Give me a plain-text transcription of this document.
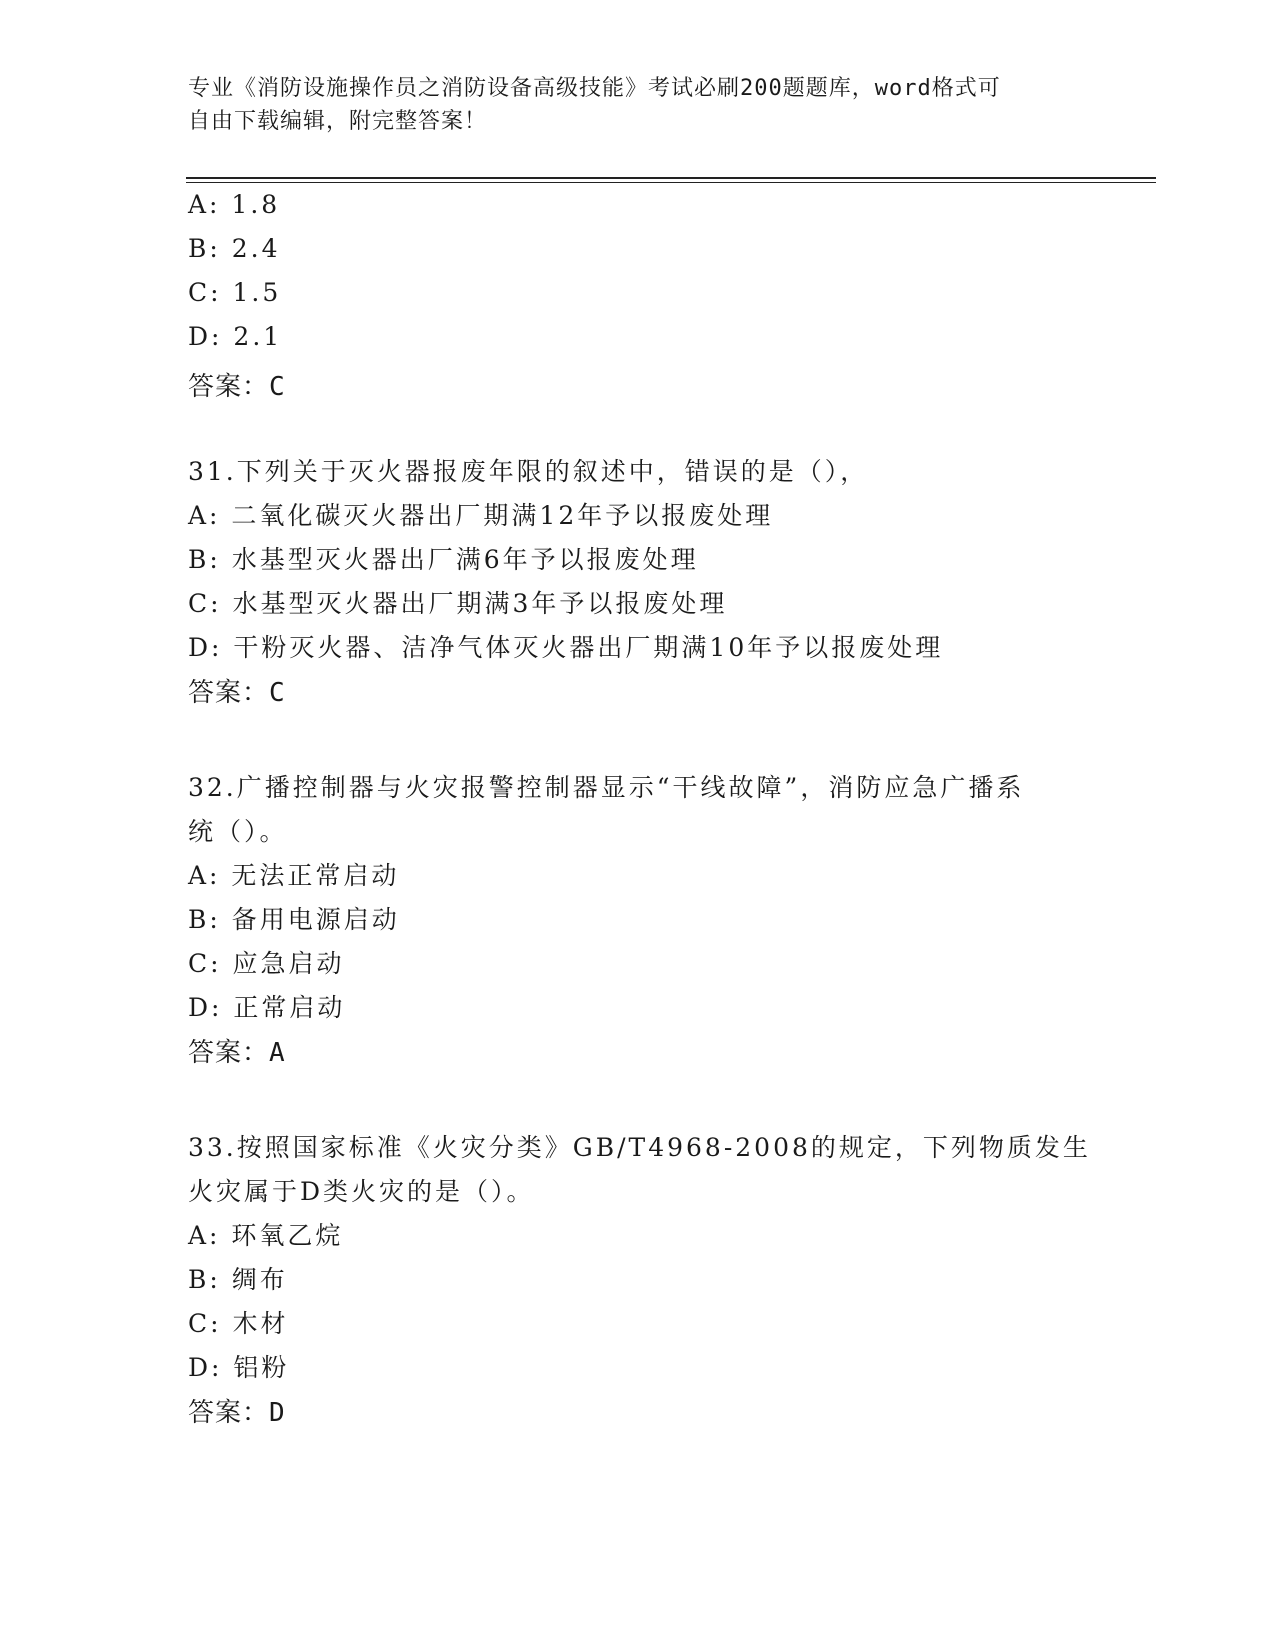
专业《消防设施操作员之消防设备高级技能》考试必刷200题题库，word格式可
自由下载编辑，附完整答案！
A: 1.8
B: 2.4
C: 1.5
D: 2.1
答案：C
31.下列关于灭火器报废年限的叙述中，错误的是（），
A: 二氧化碳灭火器出厂期满12年予以报废处理
B: 水基型灭火器出厂满6年予以报废处理
C: 水基型灭火器出厂期满3年予以报废处理
D: 干粉灭火器、洁净气体灭火器出厂期满10年予以报废处理
答案：C
32.广播控制器与火灾报警控制器显示“干线故障”，消防应急广播系
统（）。
A: 无法正常启动
B: 备用电源启动
C: 应急启动
D: 正常启动
答案：A
33.按照国家标准《火灾分类》GB/T4968-2008的规定，下列物质发生
火灾属于D类火灾的是（）。
A: 环氧乙烷
B: 绸布
C: 木材
D: 铝粉
答案：D
